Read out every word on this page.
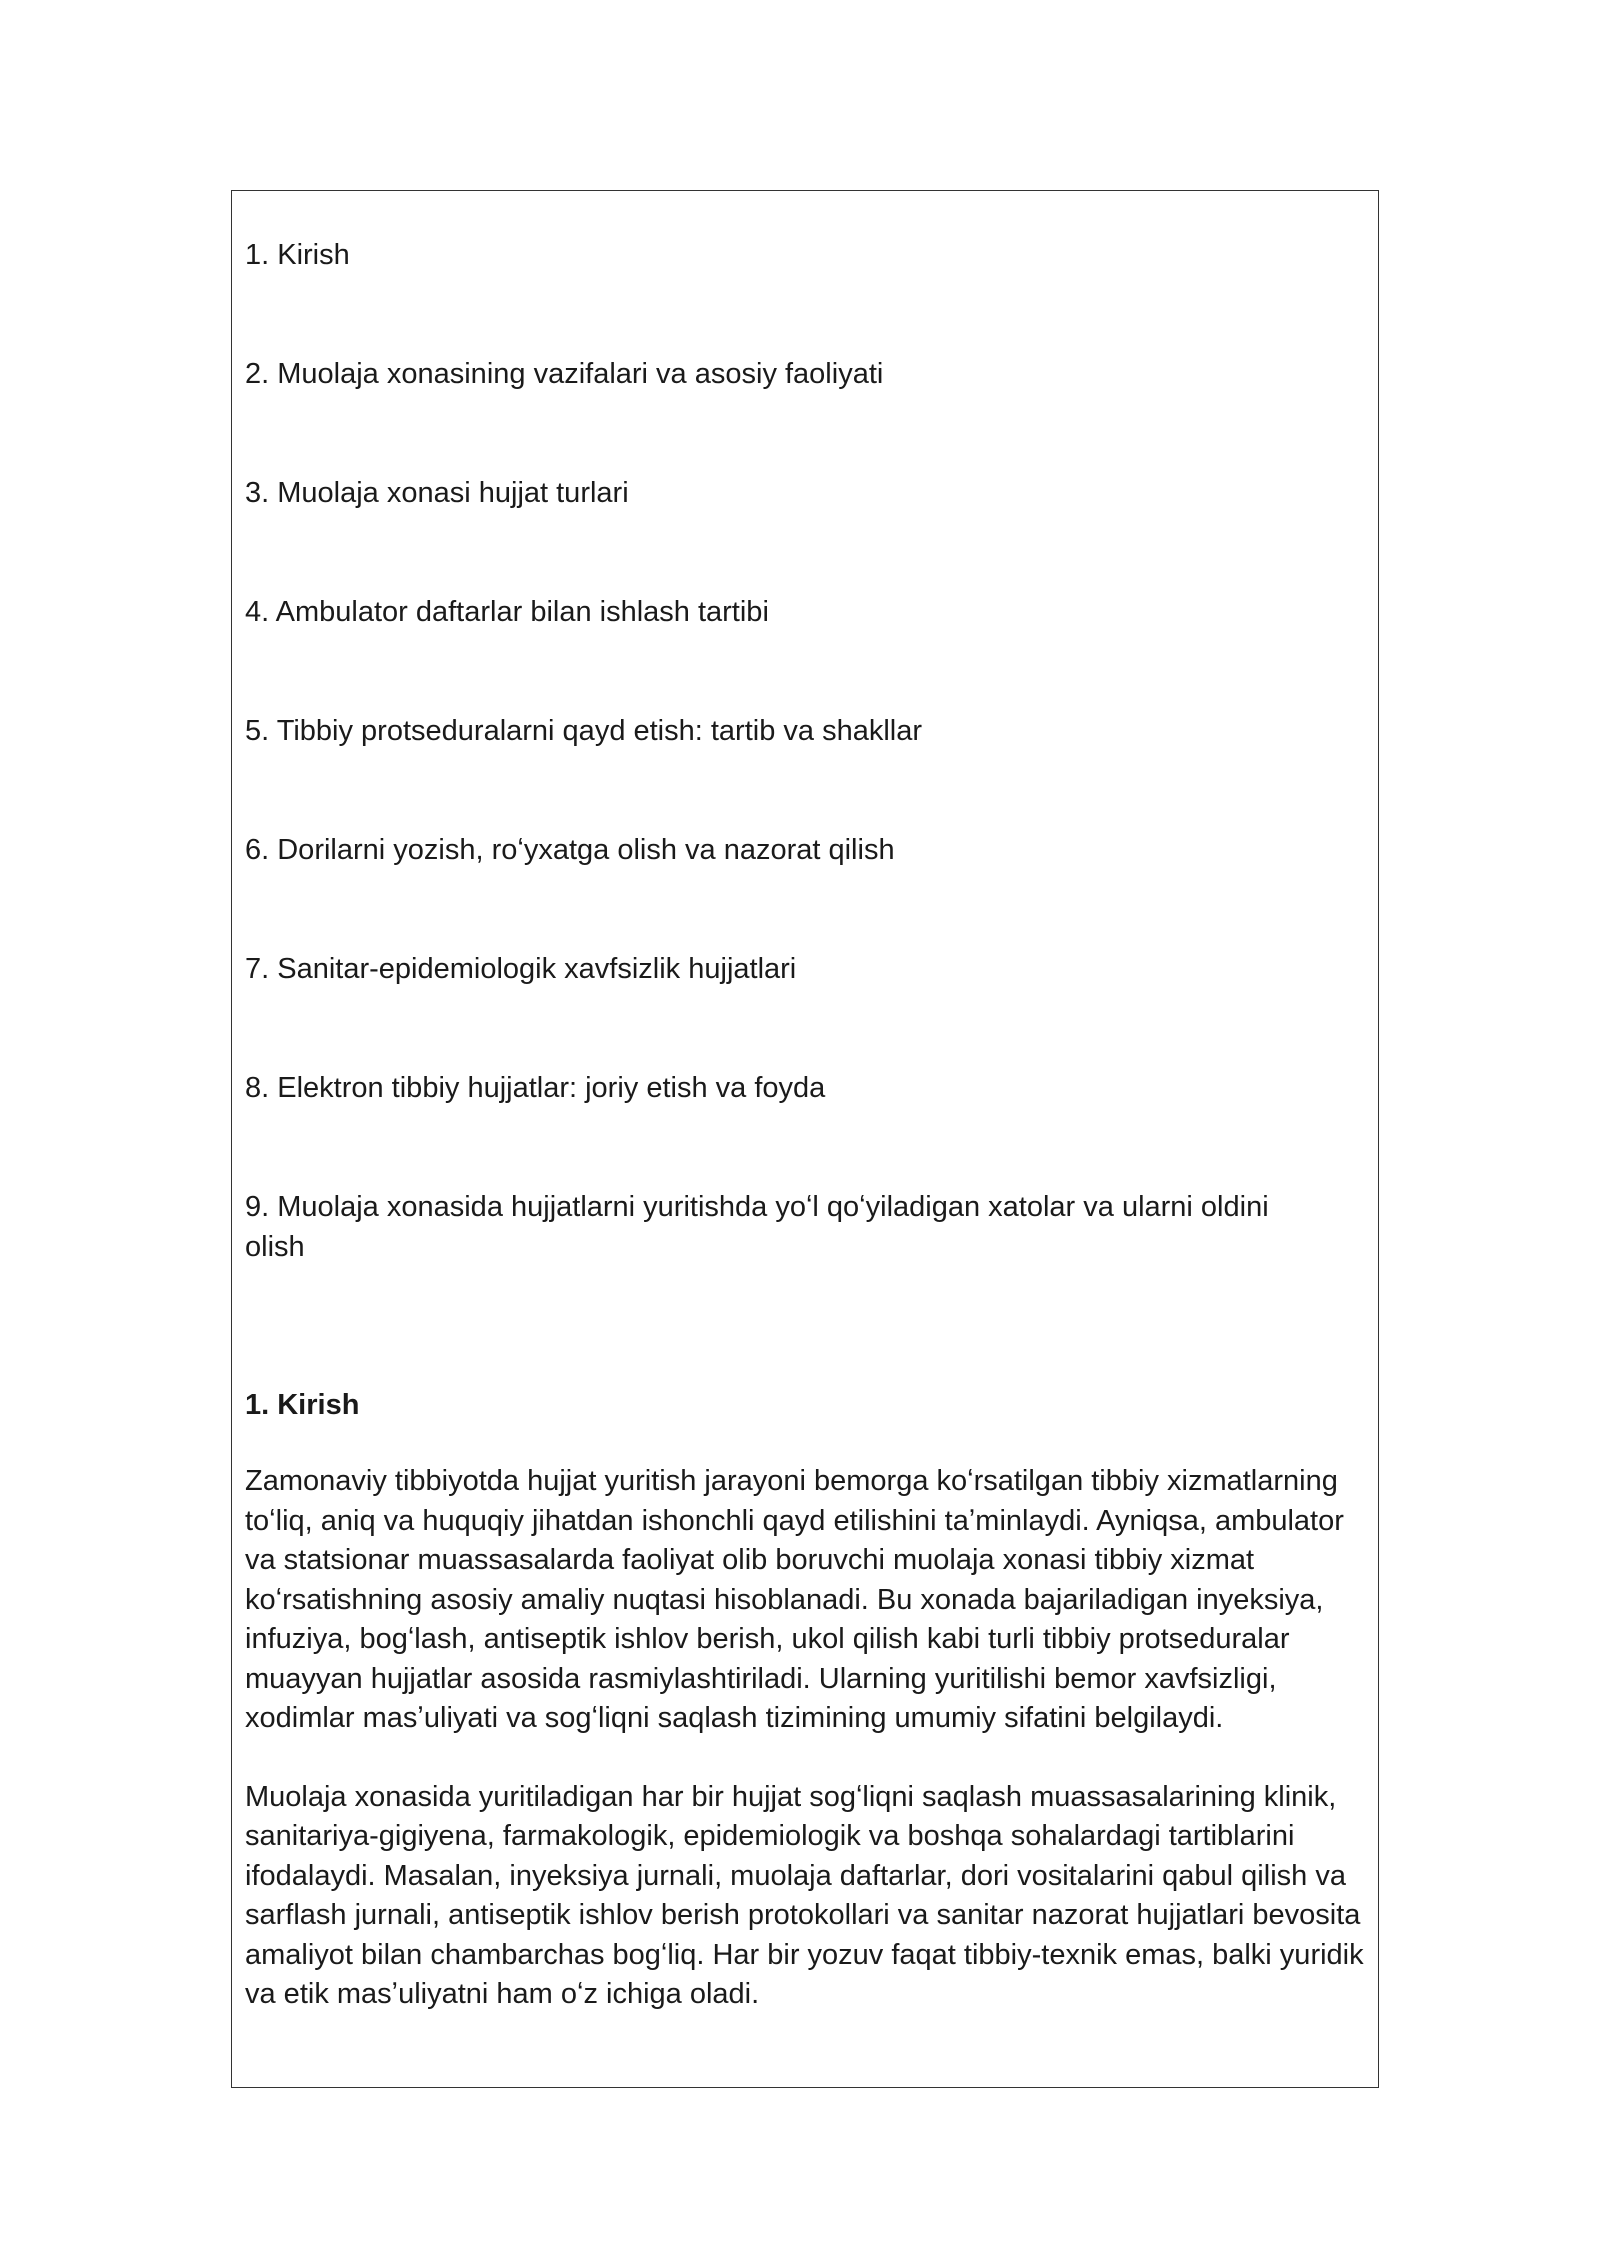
1. Kirish
2. Muolaja xonasining vazifalari va asosiy faoliyati
3. Muolaja xonasi hujjat turlari
4. Ambulator daftarlar bilan ishlash tartibi
5. Tibbiy protseduralarni qayd etish: tartib va shakllar
6. Dorilarni yozish, roʻyxatga olish va nazorat qilish
7. Sanitar-epidemiologik xavfsizlik hujjatlari
8. Elektron tibbiy hujjatlar: joriy etish va foyda
9. Muolaja xonasida hujjatlarni yuritishda yoʻl qoʻyiladigan xatolar va ularni oldini olish
1. Kirish

Zamonaviy tibbiyotda hujjat yuritish jarayoni bemorga koʻrsatilgan tibbiy xizmatlarning toʻliq, aniq va huquqiy jihatdan ishonchli qayd etilishini taʼminlaydi. Ayniqsa, ambulator va statsionar muassasalarda faoliyat olib boruvchi muolaja xonasi tibbiy xizmat koʻrsatishning asosiy amaliy nuqtasi hisoblanadi. Bu xonada bajariladigan inyeksiya, infuziya, bogʻlash, antiseptik ishlov berish, ukol qilish kabi turli tibbiy protseduralar muayyan hujjatlar asosida rasmiylashtiriladi. Ularning yuritilishi bemor xavfsizligi, xodimlar masʼuliyati va sogʻliqni saqlash tizimining umumiy sifatini belgilaydi.

Muolaja xonasida yuritiladigan har bir hujjat sogʻliqni saqlash muassasalarining klinik, sanitariya-gigiyena, farmakologik, epidemiologik va boshqa sohalardagi tartiblarini ifodalaydi. Masalan, inyeksiya jurnali, muolaja daftarlar, dori vositalarini qabul qilish va sarflash jurnali, antiseptik ishlov berish protokollari va sanitar nazorat hujjatlari bevosita amaliyot bilan chambarchas bogʻliq. Har bir yozuv faqat tibbiy-texnik emas, balki yuridik va etik masʼuliyatni ham oʻz ichiga oladi.
